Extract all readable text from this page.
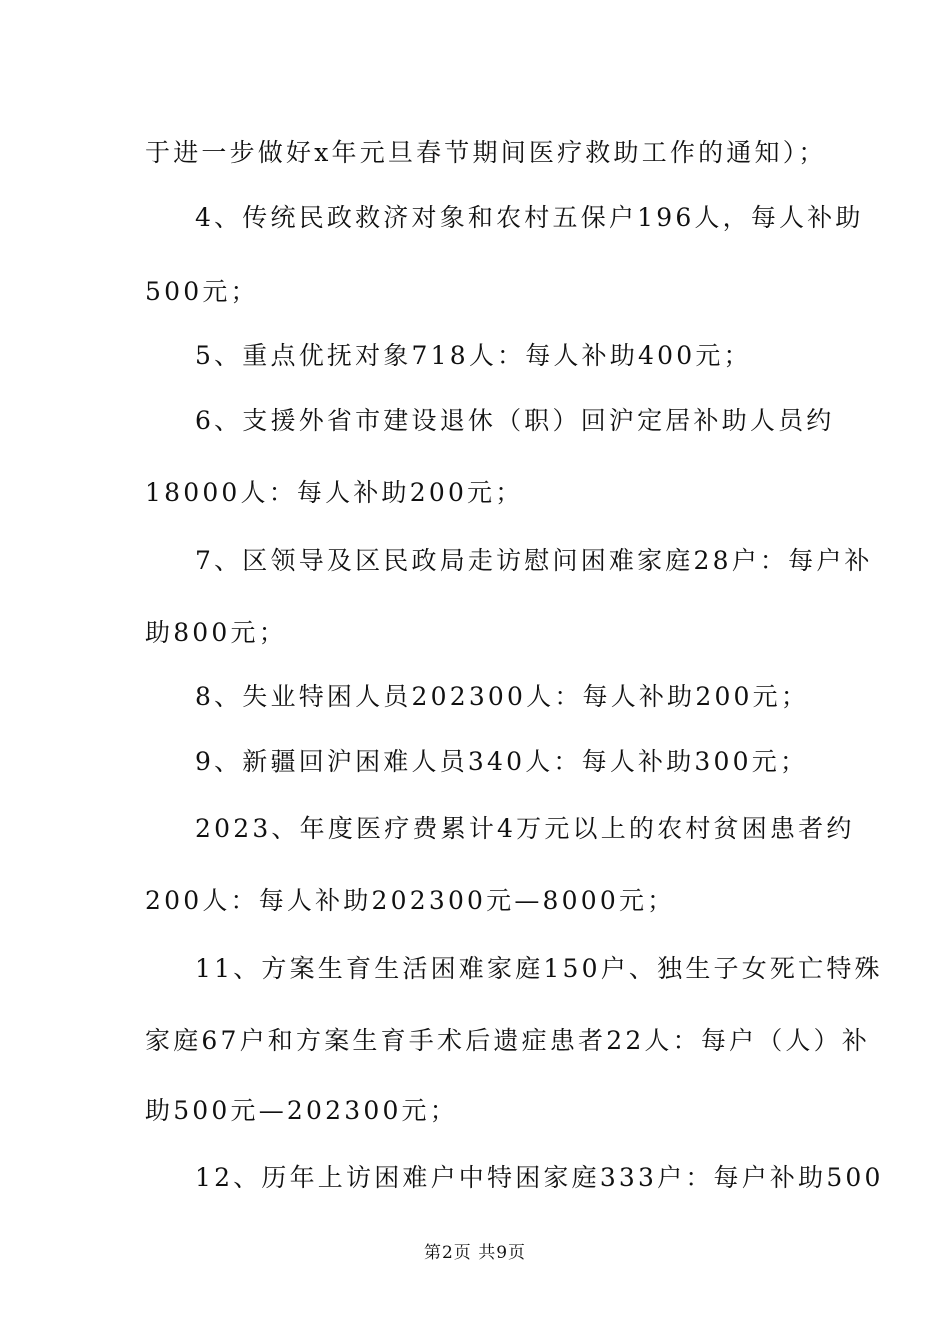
于进一步做好x年元旦春节期间医疗救助工作的通知）；
4、传统民政救济对象和农村五保户196人，每人补助
500元；
5、重点优抚对象718人：每人补助400元；
6、支援外省市建设退休（职）回沪定居补助人员约
18000人：每人补助200元；
7、区领导及区民政局走访慰问困难家庭28户：每户补
助800元；
8、失业特困人员202300人：每人补助200元；
9、新疆回沪困难人员340人：每人补助300元；
2023、年度医疗费累计4万元以上的农村贫困患者约
200人：每人补助202300元—8000元；
11、方案生育生活困难家庭150户、独生子女死亡特殊
家庭67户和方案生育手术后遗症患者22人：每户（人）补
助500元—202300元；
12、历年上访困难户中特困家庭333户：每户补助500
第2页 共9页
